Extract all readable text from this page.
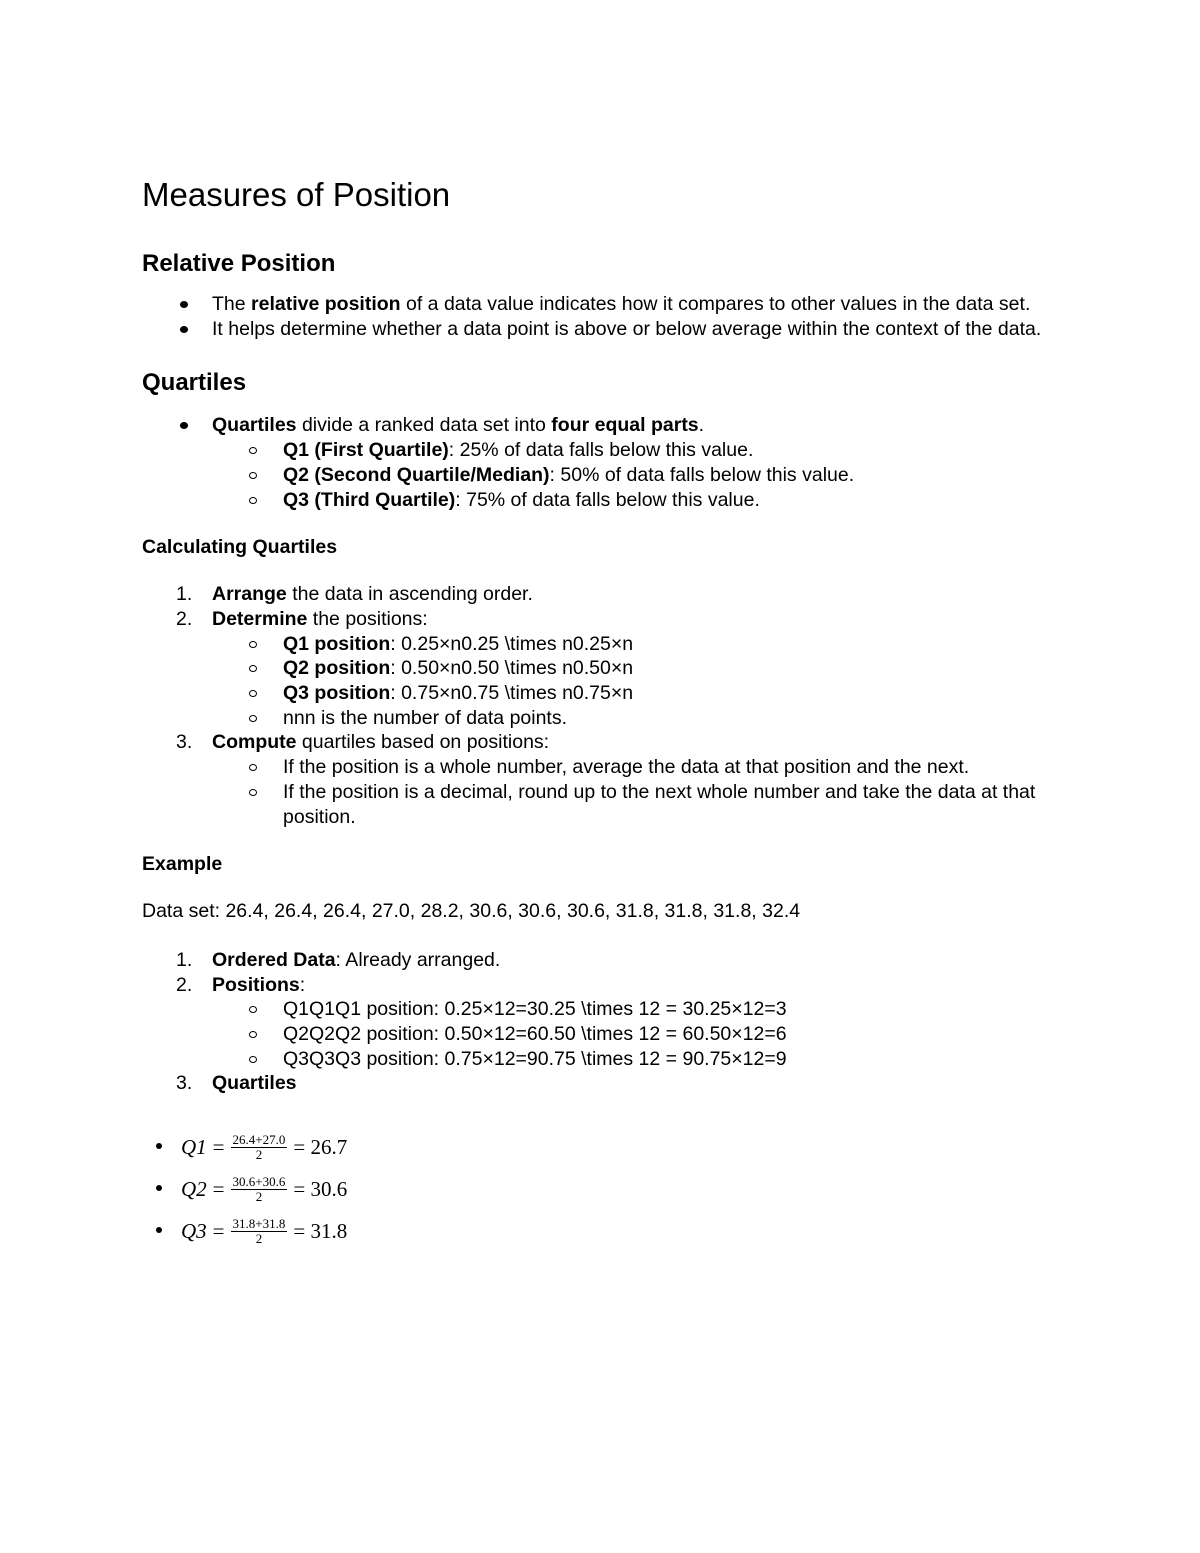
Measures of Position
Relative Position
The relative position of a data value indicates how it compares to other values in the data set.
It helps determine whether a data point is above or below average within the context of the data.
Quartiles
Quartiles divide a ranked data set into four equal parts.
Q1 (First Quartile): 25% of data falls below this value.
Q2 (Second Quartile/Median): 50% of data falls below this value.
Q3 (Third Quartile): 75% of data falls below this value.
Calculating Quartiles
1. Arrange the data in ascending order.
2. Determine the positions:
Q1 position: 0.25×n0.25 \times n0.25×n
Q2 position: 0.50×n0.50 \times n0.50×n
Q3 position: 0.75×n0.75 \times n0.75×n
nnn is the number of data points.
3. Compute quartiles based on positions:
If the position is a whole number, average the data at that position and the next.
If the position is a decimal, round up to the next whole number and take the data at that position.
Example

Data set: 26.4, 26.4, 26.4, 27.0, 28.2, 30.6, 30.6, 30.6, 31.8, 31.8, 31.8, 32.4

1. Ordered Data: Already arranged.
2. Positions:
Q1Q1Q1 position: 0.25×12=30.25 \times 12 = 30.25×12=3
Q2Q2Q2 position: 0.50×12=60.50 \times 12 = 60.50×12=6
Q3Q3Q3 position: 0.75×12=90.75 \times 12 = 90.75×12=9
3. Quartiles
$Q1 = \frac{26.4+27.0}{2} = 26.7$
$Q2 = \frac{30.6+30.6}{2} = 30.6$
$Q3 = \frac{31.8+31.8}{2} = 31.8$
